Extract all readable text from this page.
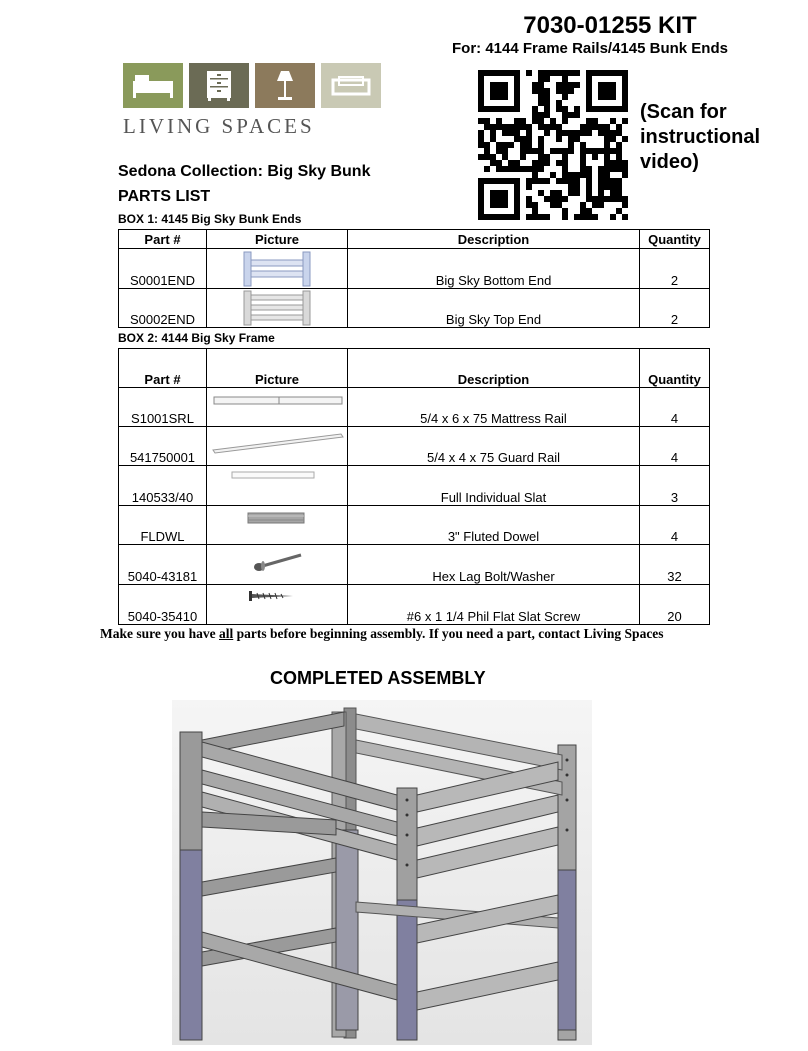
7030-01255 KIT
For: 4144 Frame Rails/4145 Bunk Ends
LIVING SPACES
(Scan for
instructional
video)
Sedona Collection: Big Sky Bunk
PARTS LIST
BOX 1: 4145 Big Sky Bunk Ends
Part #	Picture	Description	Quantity
S0001END		Big Sky Bottom End	2
S0002END		Big Sky Top End	2
BOX 2: 4144 Big Sky Frame
Part #	Picture	Description	Quantity
S1001SRL		5/4 x 6 x 75 Mattress Rail	4
541750001		5/4 x 4 x 75 Guard Rail	4
140533/40		Full Individual Slat	3
FLDWL		3" Fluted Dowel	4
5040-43181		Hex Lag Bolt/Washer	32
5040-35410		#6 x 1 1/4 Phil Flat Slat Screw	20
Make sure you have all parts before beginning assembly. If you need a part, contact Living Spaces
COMPLETED ASSEMBLY
